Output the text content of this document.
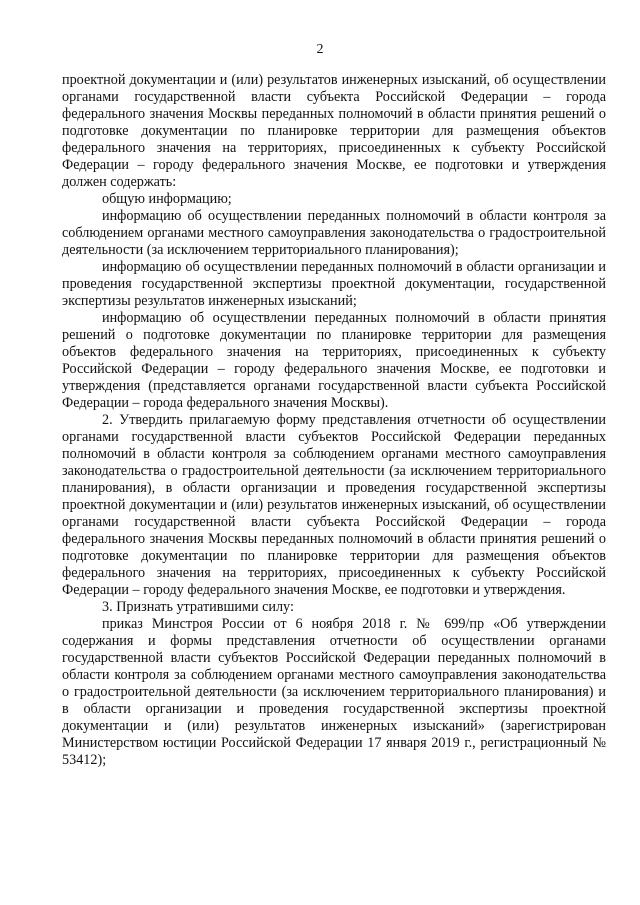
2

проектной документации и (или) результатов инженерных изысканий, об осуществлении органами государственной власти субъекта Российской Федерации – города федерального значения Москвы переданных полномочий в области принятия решений о подготовке документации по планировке территории для размещения объектов федерального значения на территориях, присоединенных к субъекту Российской Федерации – городу федерального значения Москве, ее подготовки и утверждения должен содержать:

общую информацию;

информацию об осуществлении переданных полномочий в области контроля за соблюдением органами местного самоуправления законодательства о градостроительной деятельности (за исключением территориального планирования);

информацию об осуществлении переданных полномочий в области организации и проведения государственной экспертизы проектной документации, государственной экспертизы результатов инженерных изысканий;

информацию об осуществлении переданных полномочий в области принятия решений о подготовке документации по планировке территории для размещения объектов федерального значения на территориях, присоединенных к субъекту Российской Федерации – городу федерального значения Москве, ее подготовки и утверждения (представляется органами государственной власти субъекта Российской Федерации – города федерального значения Москвы).

2. Утвердить прилагаемую форму представления отчетности об осуществлении органами государственной власти субъектов Российской Федерации переданных полномочий в области контроля за соблюдением органами местного самоуправления законодательства о градостроительной деятельности (за исключением территориального планирования), в области организации и проведения государственной экспертизы проектной документации и (или) результатов инженерных изысканий, об осуществлении органами государственной власти субъекта Российской Федерации – города федерального значения Москвы переданных полномочий в области принятия решений о подготовке документации по планировке территории для размещения объектов федерального значения на территориях, присоединенных к субъекту Российской Федерации – городу федерального значения Москве, ее подготовки и утверждения.

3. Признать утратившими силу:

приказ Минстроя России от 6 ноября 2018 г. № 699/пр «Об утверждении содержания и формы представления отчетности об осуществлении органами государственной власти субъектов Российской Федерации переданных полномочий в области контроля за соблюдением органами местного самоуправления законодательства о градостроительной деятельности (за исключением территориального планирования) и в области организации и проведения государственной экспертизы проектной документации и (или) результатов инженерных изысканий» (зарегистрирован Министерством юстиции Российской Федерации 17 января 2019 г., регистрационный № 53412);
